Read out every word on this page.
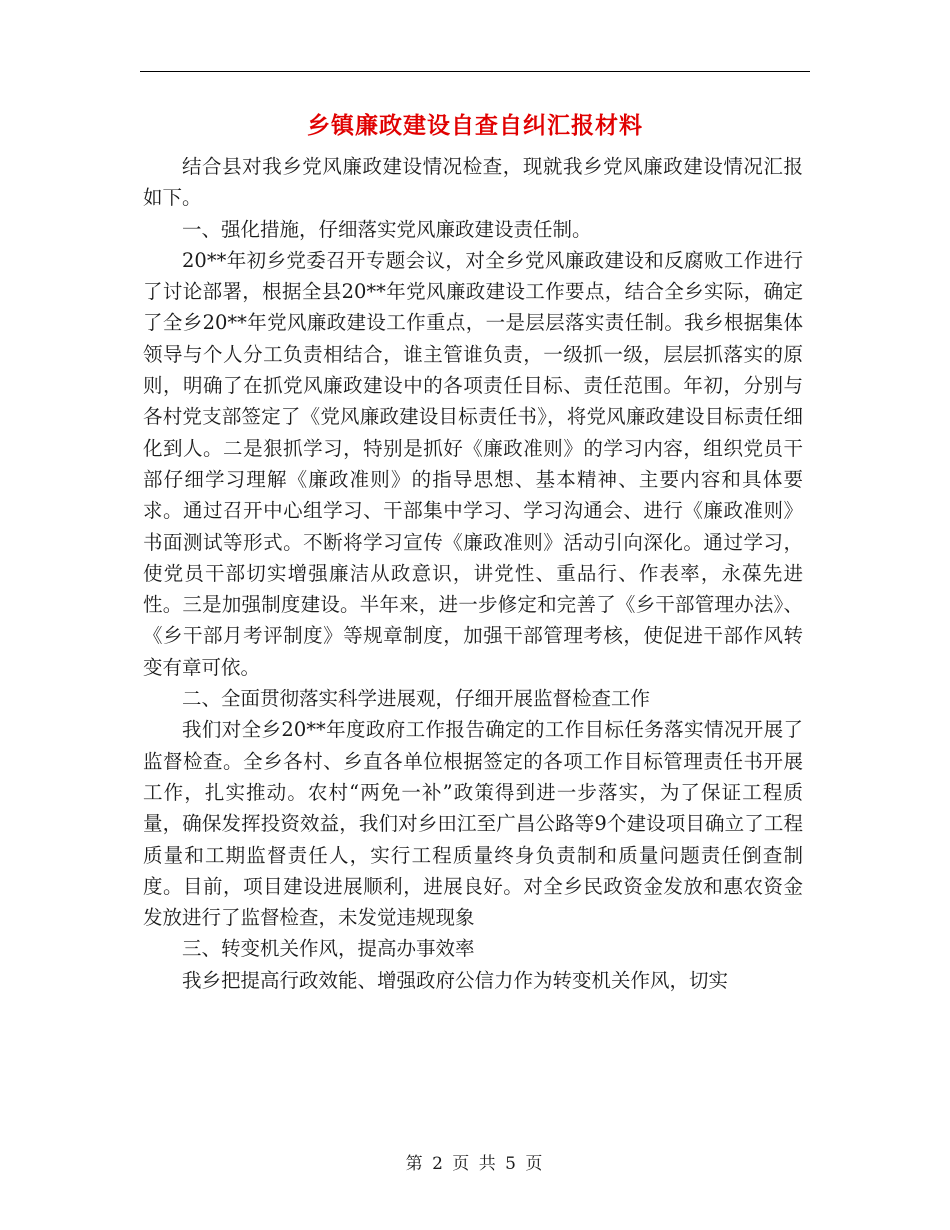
乡镇廉政建设自查自纠汇报材料

结合县对我乡党风廉政建设情况检查，现就我乡党风廉政建设情况汇报如下。

一、强化措施，仔细落实党风廉政建设责任制。

20**年初乡党委召开专题会议，对全乡党风廉政建设和反腐败工作进行了讨论部署，根据全县20**年党风廉政建设工作要点，结合全乡实际，确定了全乡20**年党风廉政建设工作重点，一是层层落实责任制。我乡根据集体领导与个人分工负责相结合，谁主管谁负责，一级抓一级，层层抓落实的原则，明确了在抓党风廉政建设中的各项责任目标、责任范围。年初，分别与各村党支部签定了《党风廉政建设目标责任书》，将党风廉政建设目标责任细化到人。二是狠抓学习，特别是抓好《廉政准则》的学习内容，组织党员干部仔细学习理解《廉政准则》的指导思想、基本精神、主要内容和具体要求。通过召开中心组学习、干部集中学习、学习沟通会、进行《廉政准则》书面测试等形式。不断将学习宣传《廉政准则》活动引向深化。通过学习，使党员干部切实增强廉洁从政意识，讲党性、重品行、作表率，永葆先进性。三是加强制度建设。半年来，进一步修定和完善了《乡干部管理办法》、《乡干部月考评制度》等规章制度，加强干部管理考核，使促进干部作风转变有章可依。

二、全面贯彻落实科学进展观，仔细开展监督检查工作

我们对全乡20**年度政府工作报告确定的工作目标任务落实情况开展了监督检查。全乡各村、乡直各单位根据签定的各项工作目标管理责任书开展工作，扎实推动。农村“两免一补”政策得到进一步落实，为了保证工程质量，确保发挥投资效益，我们对乡田江至广昌公路等9个建设项目确立了工程质量和工期监督责任人，实行工程质量终身负责制和质量问题责任倒查制度。目前，项目建设进展顺利，进展良好。对全乡民政资金发放和惠农资金发放进行了监督检查，未发觉违规现象

三、转变机关作风，提高办事效率

我乡把提高行政效能、增强政府公信力作为转变机关作风，切实

第 2 页 共 5 页
